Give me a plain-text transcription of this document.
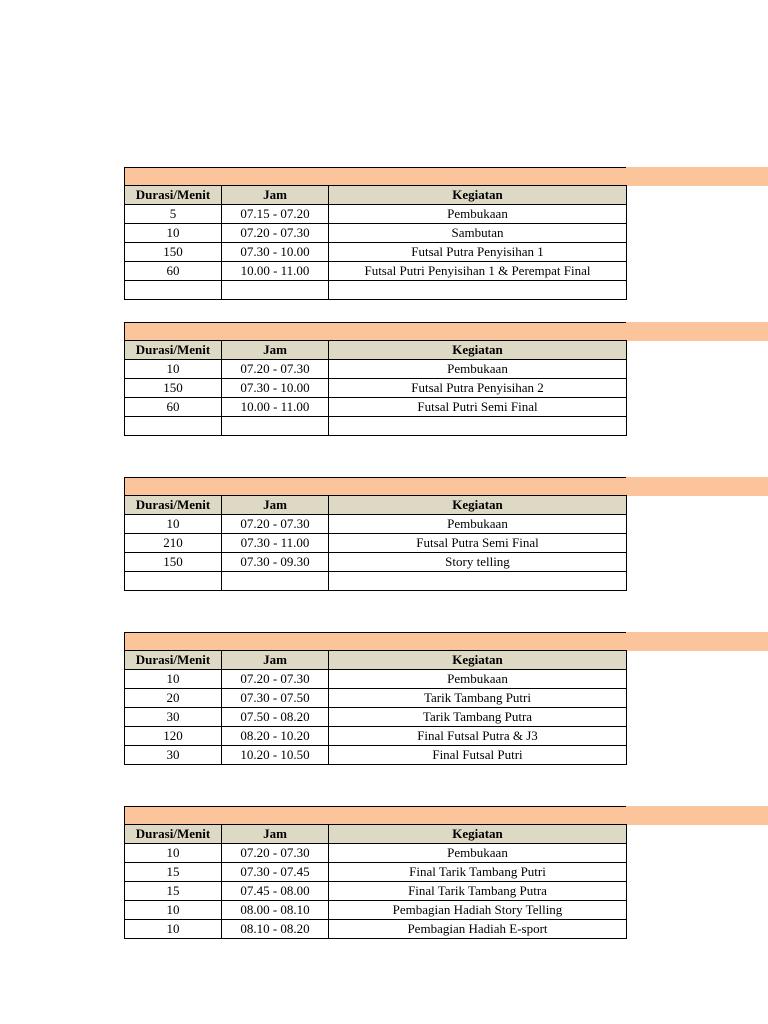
Durasi/Menit	Jam	Kegiatan
5	07.15 - 07.20	Pembukaan
10	07.20 - 07.30	Sambutan
150	07.30 - 10.00	Futsal Putra Penyisihan 1
60	10.00 - 11.00	Futsal Putri Penyisihan 1 & Perempat Final

Durasi/Menit	Jam	Kegiatan
10	07.20 - 07.30	Pembukaan
150	07.30 - 10.00	Futsal Putra Penyisihan 2
60	10.00 - 11.00	Futsal Putri Semi Final

Durasi/Menit	Jam	Kegiatan
10	07.20 - 07.30	Pembukaan
210	07.30 - 11.00	Futsal Putra Semi Final
150	07.30 - 09.30	Story telling

Durasi/Menit	Jam	Kegiatan
10	07.20 - 07.30	Pembukaan
20	07.30 - 07.50	Tarik Tambang Putri
30	07.50 - 08.20	Tarik Tambang Putra
120	08.20 - 10.20	Final Futsal Putra & J3
30	10.20 - 10.50	Final Futsal Putri
Durasi/Menit	Jam	Kegiatan
10	07.20 - 07.30	Pembukaan
15	07.30 - 07.45	Final Tarik Tambang Putri
15	07.45 - 08.00	Final Tarik Tambang Putra
10	08.00 - 08.10	Pembagian Hadiah Story Telling
10	08.10 - 08.20	Pembagian Hadiah E-sport
